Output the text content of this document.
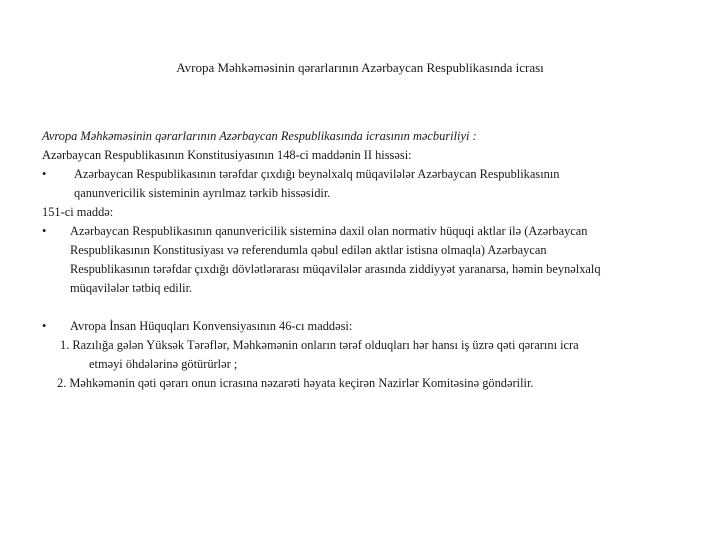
Avropa Məhkəməsinin qərarlarının Azərbaycan Respublikasında icrası
Avropa Məhkəməsinin qərarlarının Azərbaycan Respublikasında icrasının məcburiliyi :
Azərbaycan Respublikasının Konstitusiyasının 148-ci maddənin II hissəsi:
• Azərbaycan Respublikasının tərəfdar çıxdığı beynəlxalq müqavilələr Azərbaycan Respublikasının
qanunvericilik sisteminin ayrılmaz tərkib hissəsidir.
151-ci maddə:
• Azərbaycan Respublikasının qanunvericilik sisteminə daxil olan normativ hüquqi aktlar ilə (Azərbaycan
Respublikasının Konstitusiyası və referendumla qəbul edilən aktlar istisna olmaqla) Azərbaycan
Respublikasının tərəfdar çıxdığı dövlətlərarası müqavilələr arasında ziddiyyət yaranarsa, həmin beynəlxalq
müqavilələr tətbiq edilir.
• Avropa İnsan Hüquqları Konvensiyasının 46-cı maddəsi:
1. Razılığa gələn Yüksək Tərəflər, Məhkəmənin onların tərəf olduqları hər hansı iş üzrə qəti qərarını icra
etməyi öhdələrinə götürürlər ;
2. Məhkəmənin qəti qərarı onun icrasına nəzarəti həyata keçirən Nazirlər Komitəsinə göndərilir.
